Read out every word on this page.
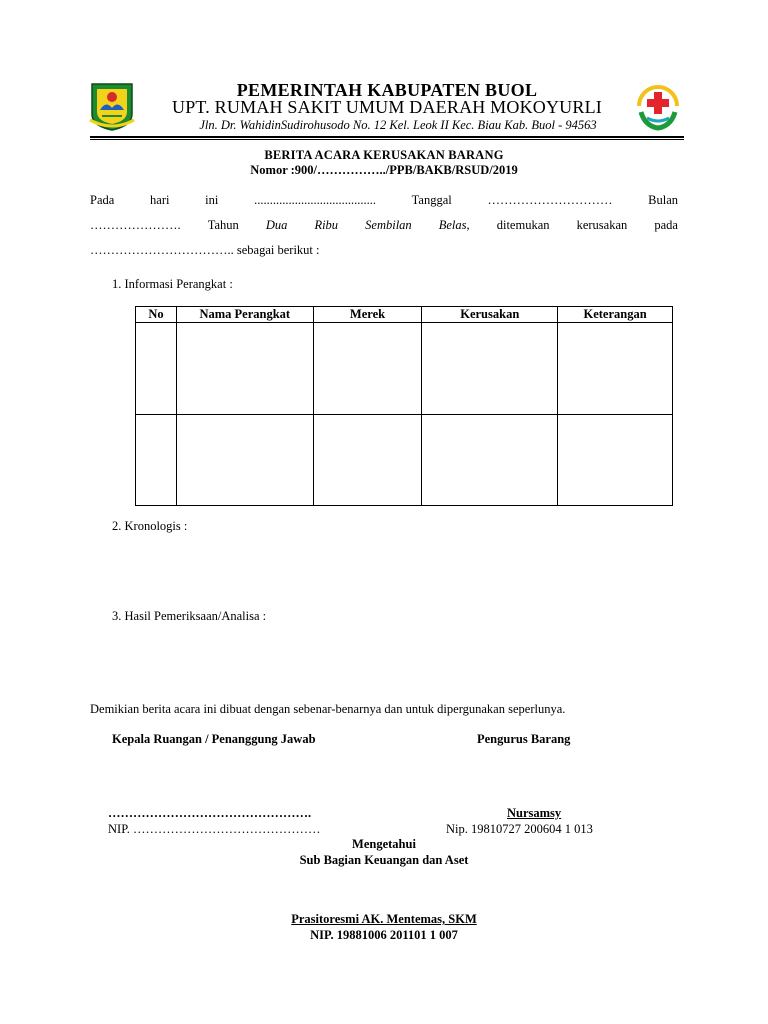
PEMERINTAH KABUPATEN BUOL
UPT. RUMAH SAKIT UMUM DAERAH MOKOYURLI
Jln. Dr. WahidinSudirohusodo No. 12 Kel. Leok II Kec. Biau Kab. Buol - 94563
BERITA ACARA KERUSAKAN BARANG
Nomor :900/……………../PPB/BAKB/RSUD/2019
Pada	hari	ini	.......................................	Tanggal	…………………………	Bulan
…………………. Tahun Dua Ribu Sembilan Belas, ditemukan kerusakan pada
…………………………….. sebagai berikut :
1. Informasi Perangkat :
No	Nama Perangkat	Merek	Kerusakan	Keterangan

2. Kronologis :
3. Hasil Pemeriksaan/Analisa :
Demikian berita acara ini dibuat dengan sebenar-benarnya dan untuk dipergunakan seperlunya.
Kepala Ruangan / Penanggung Jawab	Pengurus Barang
………………………………………….	Nursamsy
NIP. ………………………………………	Nip. 19810727 200604 1 013
Mengetahui
Sub Bagian Keuangan dan Aset
Prasitoresmi AK. Mentemas, SKM
NIP. 19881006 201101 1 007
